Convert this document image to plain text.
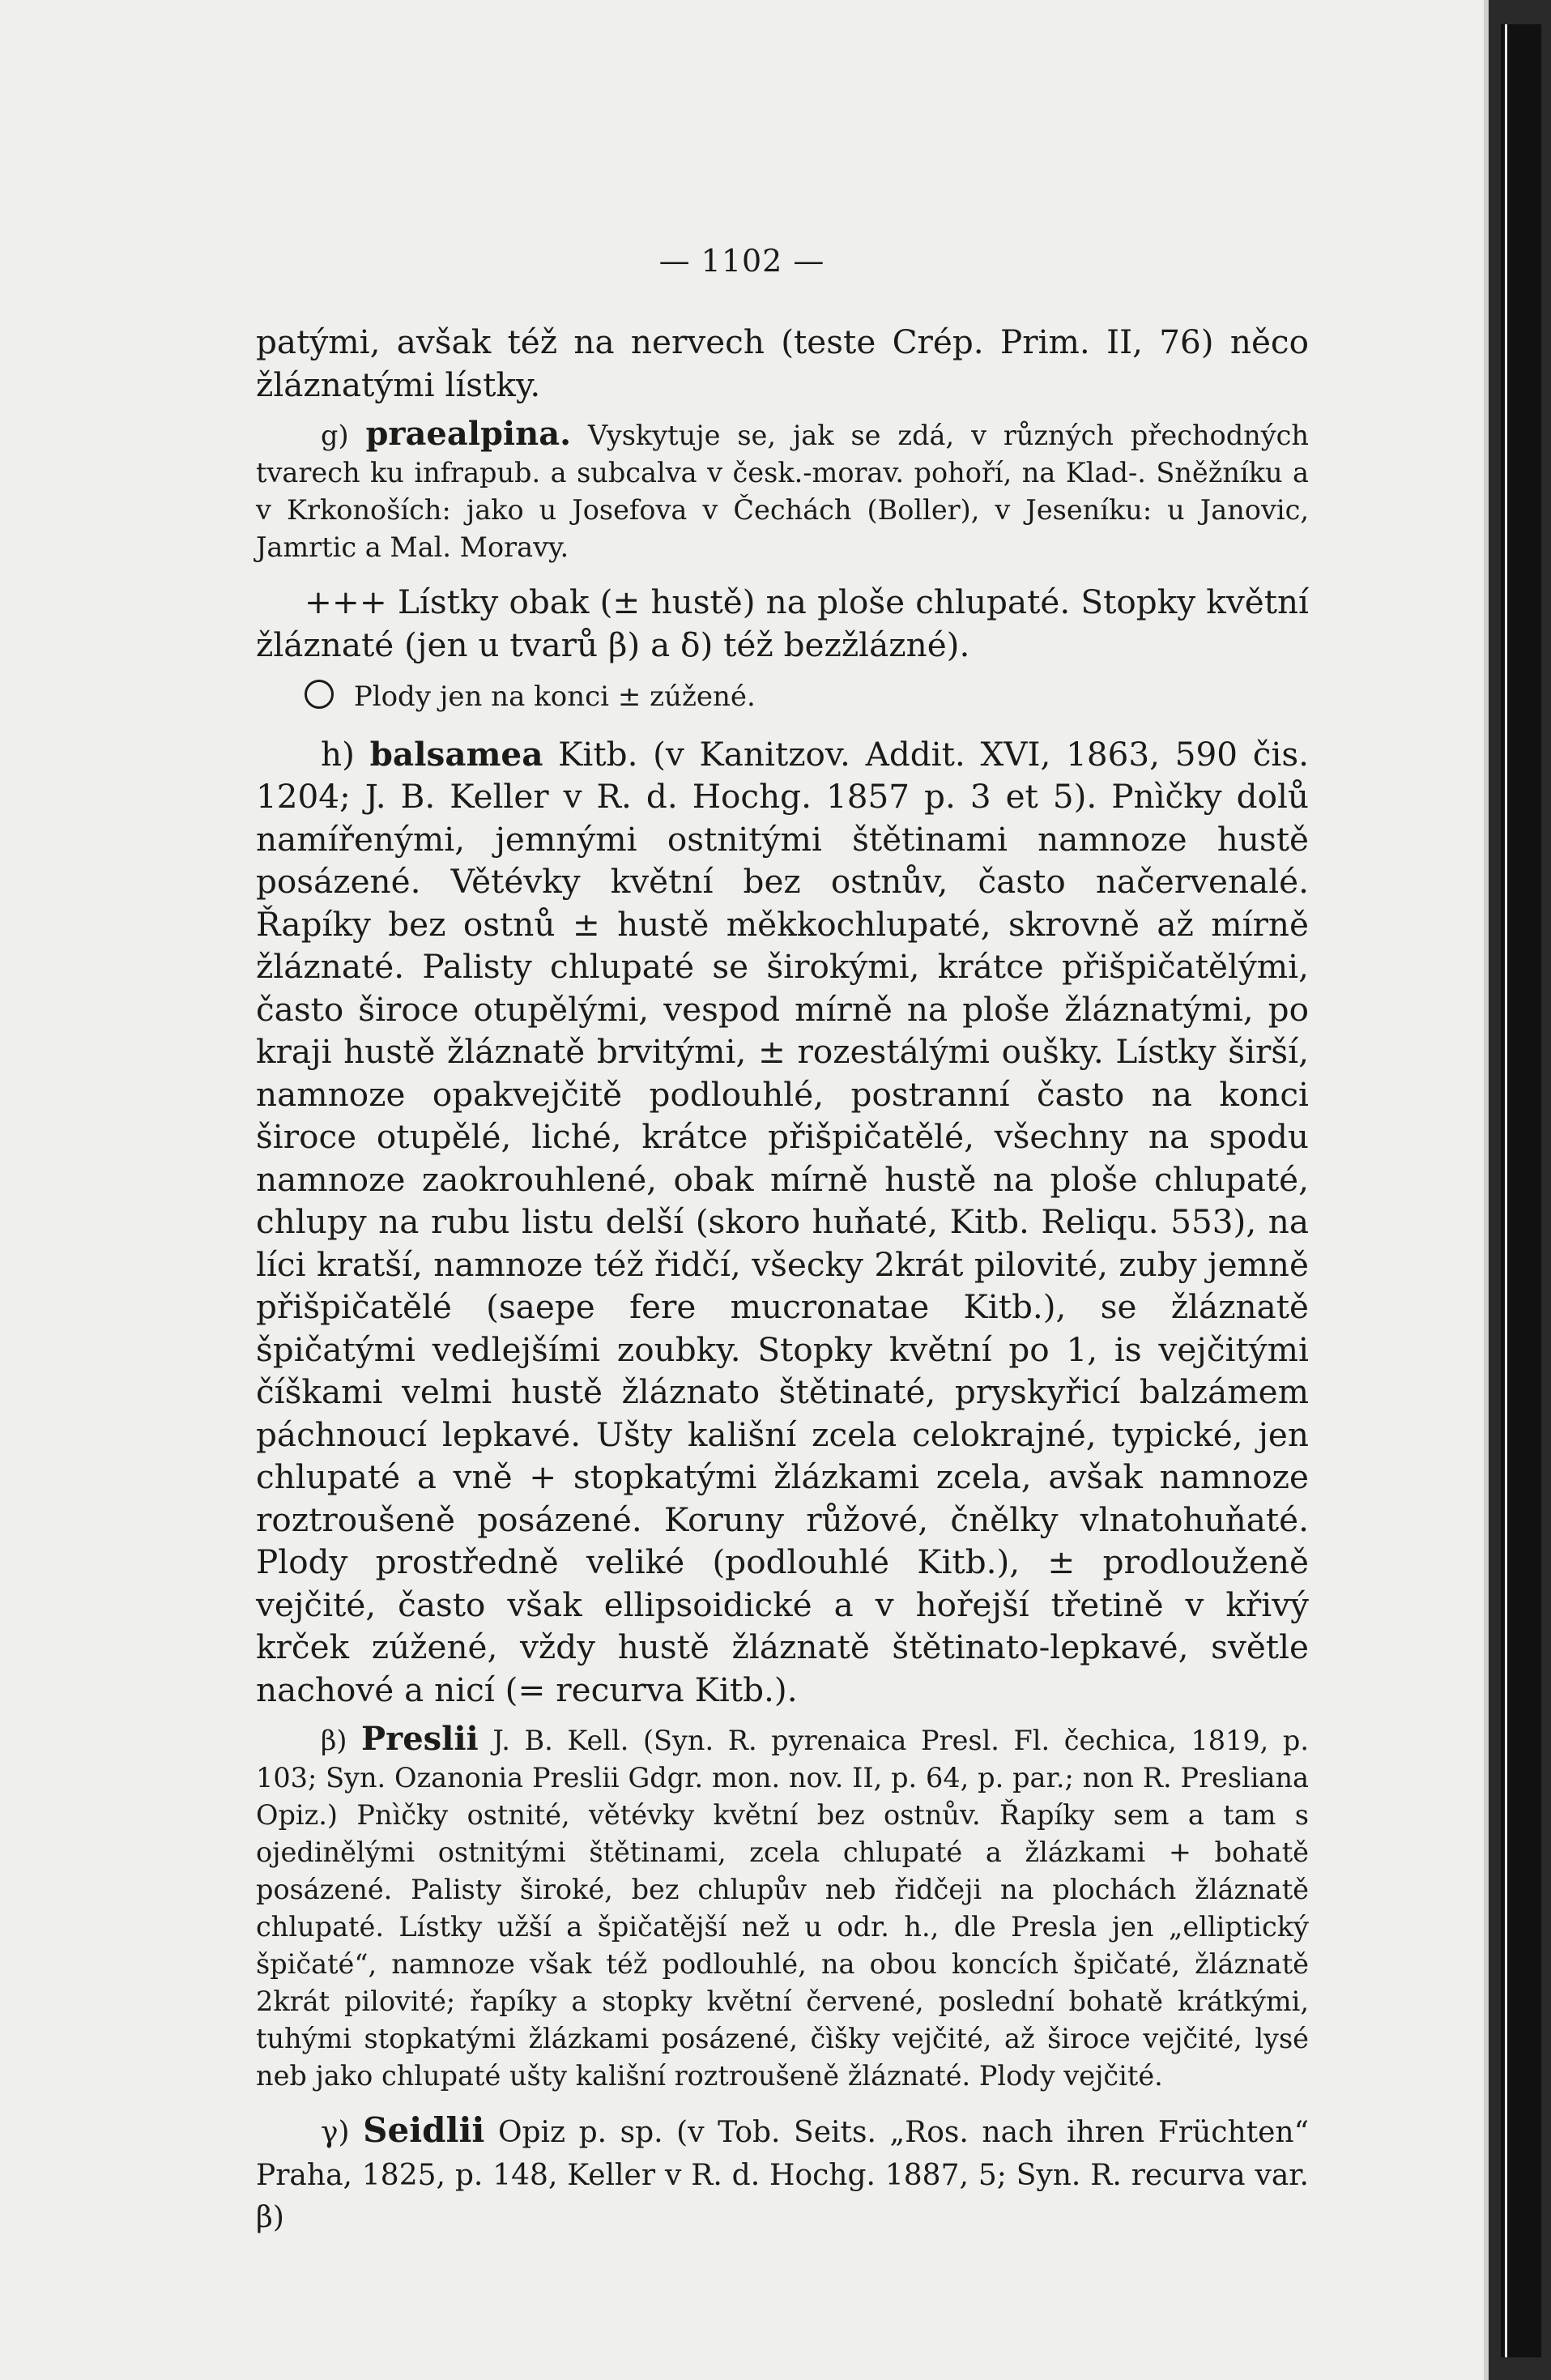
— 1102 —

patými, avšak též na nervech (teste Crép. Prim. II, 76) něco žláznatými lístky.

g) praealpina. Vyskytuje se, jak se zdá, v různých přechodných tvarech ku infrapub. a subcalva v česk.-morav. pohoří, na Klad-. Sněžníku a v Krkonoších: jako u Josefova v Čechách (Boller), v Jeseníku: u Janovic, Jamrtic a Mal. Moravy.

+++ Lístky obak (± hustě) na ploše chlupaté. Stopky květní žláznaté (jen u tvarů β) a δ) též bezžlázné).

Plody jen na konci ± zúžené.

h) balsamea Kitb. (v Kanitzov. Addit. XVI, 1863, 590 čis. 1204; J. B. Keller v R. d. Hochg. 1857 p. 3 et 5). Pnìčky dolů namířenými, jemnými ostnitými štětinami namnoze hustě posázené. Větévky květní bez ostnův, často načervenalé. Řapíky bez ostnů ± hustě měkkochlupaté, skrovně až mírně žláznaté. Palisty chlupaté se širokými, krátce přišpičatělými, často široce otupělými, vespod mírně na ploše žláznatými, po kraji hustě žláznatě brvitými, ± rozestálými oušky. Lístky širší, namnoze opakvejčitě podlouhlé, postranní často na konci široce otupělé, liché, krátce přišpičatělé, všechny na spodu namnoze zaokrouhlené, obak mírně hustě na ploše chlupaté, chlupy na rubu listu delší (skoro huňaté, Kitb. Reliqu. 553), na líci kratší, namnoze též řidčí, všecky 2krát pilovité, zuby jemně přišpičatělé (saepe fere mucronatae Kitb.), se žláznatě špičatými vedlejšími zoubky. Stopky květní po 1, is vejčitými číškami velmi hustě žláznato štětinaté, pryskyřicí balzámem páchnoucí lepkavé. Ušty kališní zcela celokrajné, typické, jen chlupaté a vně + stopkatými žlázkami zcela, avšak namnoze roztroušeně posázené. Koruny růžové, čnělky vlnatohuňaté. Plody prostředně veliké (podlouhlé Kitb.), ± prodlouženě vejčité, často však ellipsoidické a v hořejší třetině v křivý krček zúžené, vždy hustě žláznatě štětinato-lepkavé, světle nachové a nicí (= recurva Kitb.).

β) Preslii J. B. Kell. (Syn. R. pyrenaica Presl. Fl. čechica, 1819, p. 103; Syn. Ozanonia Preslii Gdgr. mon. nov. II, p. 64, p. par.; non R. Presliana Opiz.) Pnìčky ostnité, větévky květní bez ostnův. Řapíky sem a tam s ojedinělými ostnitými štětinami, zcela chlupaté a žlázkami + bohatě posázené. Palisty široké, bez chlupův neb řidčeji na plochách žláznatě chlupaté. Lístky užší a špičatější než u odr. h., dle Presla jen „elliptický špičaté“, namnoze však též podlouhlé, na obou koncích špičaté, žláznatě 2krát pilovité; řapíky a stopky květní červené, poslední bohatě krátkými, tuhými stopkatými žlázkami posázené, čìšky vejčité, až široce vejčité, lysé neb jako chlupaté ušty kališní roztroušeně žláznaté. Plody vejčité.

γ) Seidlii Opiz p. sp. (v Tob. Seits. „Ros. nach ihren Früchten“ Praha, 1825, p. 148, Keller v R. d. Hochg. 1887, 5; Syn. R. recurva var. β)
